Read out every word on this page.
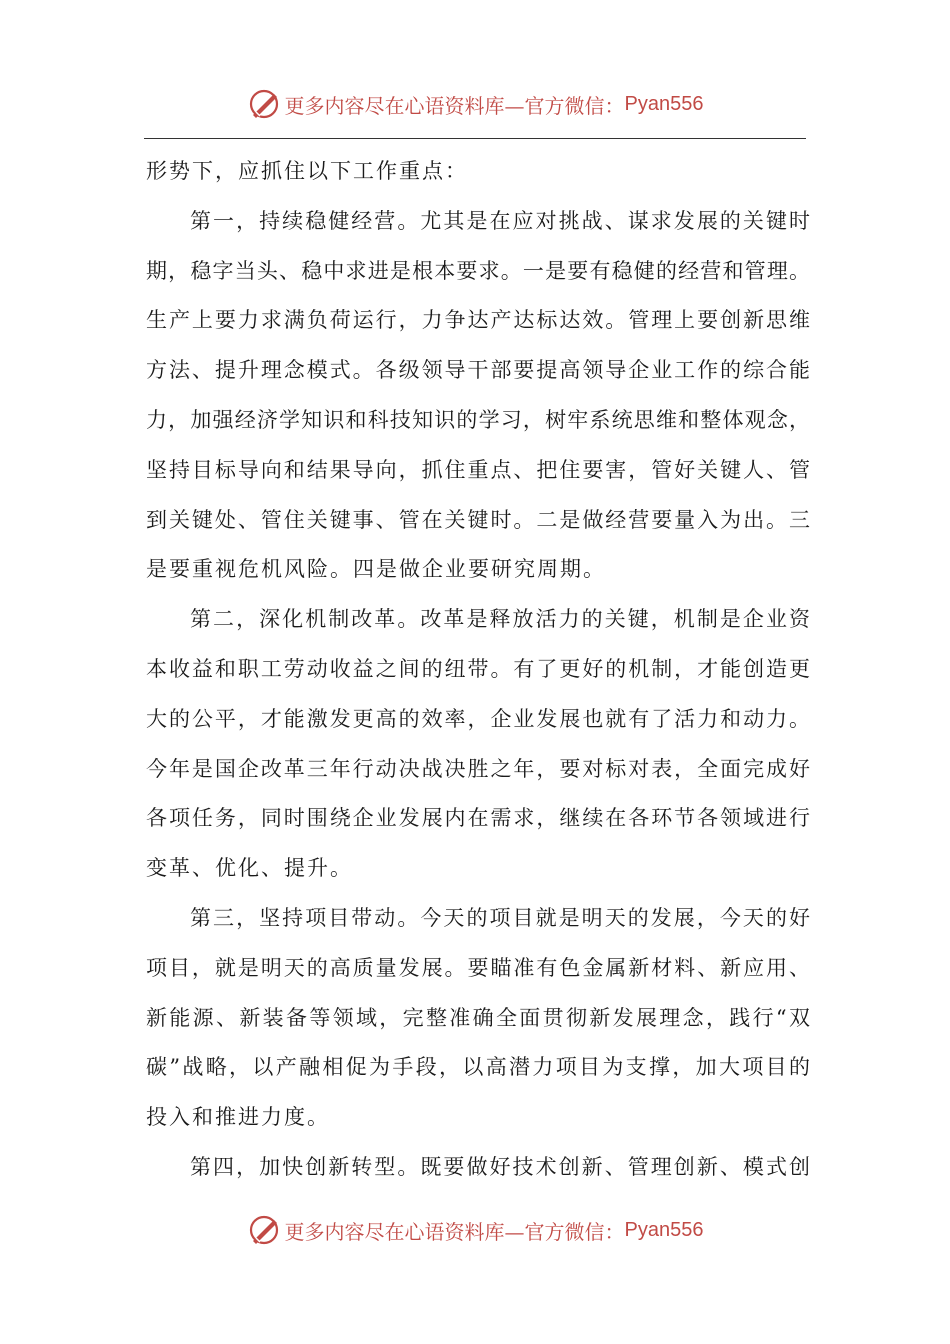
更多内容尽在心语资料库—官方微信： Pyan556
形势下，应抓住以下工作重点：
第一，持续稳健经营。尤其是在应对挑战、谋求发展的关键时
期，稳字当头、稳中求进是根本要求。一是要有稳健的经营和管理。
生产上要力求满负荷运行，力争达产达标达效。管理上要创新思维
方法、提升理念模式。各级领导干部要提高领导企业工作的综合能
力，加强经济学知识和科技知识的学习，树牢系统思维和整体观念，
坚持目标导向和结果导向，抓住重点、把住要害，管好关键人、管
到关键处、管住关键事、管在关键时。二是做经营要量入为出。三
是要重视危机风险。四是做企业要研究周期。
第二，深化机制改革。改革是释放活力的关键，机制是企业资
本收益和职工劳动收益之间的纽带。有了更好的机制，才能创造更
大的公平，才能激发更高的效率，企业发展也就有了活力和动力。
今年是国企改革三年行动决战决胜之年，要对标对表，全面完成好
各项任务，同时围绕企业发展内在需求，继续在各环节各领域进行
变革、优化、提升。
第三，坚持项目带动。今天的项目就是明天的发展，今天的好
项目，就是明天的高质量发展。要瞄准有色金属新材料、新应用、
新能源、新装备等领域，完整准确全面贯彻新发展理念，践行“双
碳”战略，以产融相促为手段，以高潜力项目为支撑，加大项目的
投入和推进力度。
第四，加快创新转型。既要做好技术创新、管理创新、模式创
更多内容尽在心语资料库—官方微信： Pyan556
